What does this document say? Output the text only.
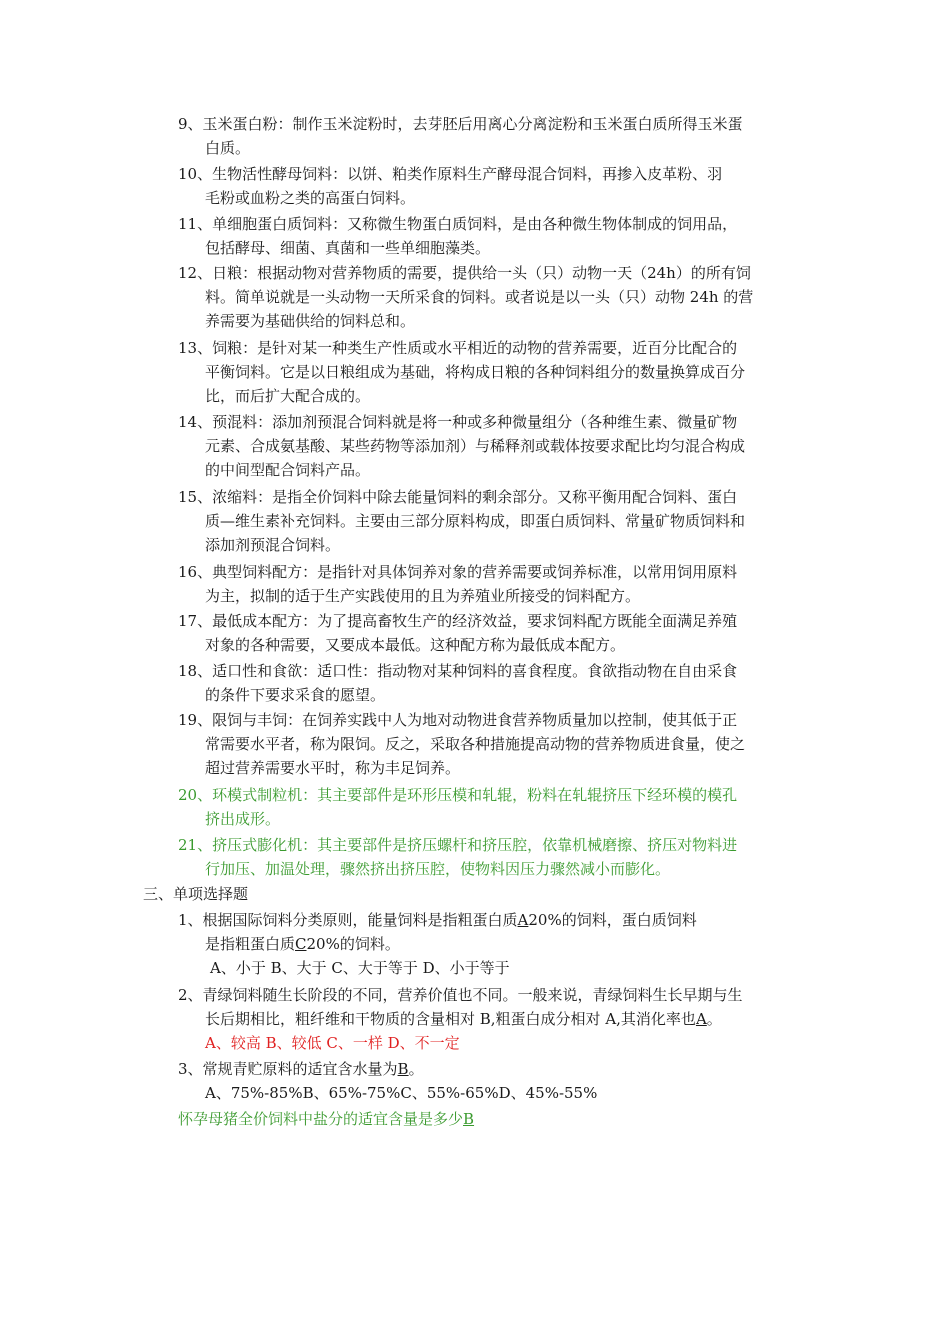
9、玉米蛋白粉：制作玉米淀粉时，去芽胚后用离心分离淀粉和玉米蛋白质所得玉米蛋
白质。
10、生物活性酵母饲料：以饼、粕类作原料生产酵母混合饲料，再掺入皮革粉、羽
毛粉或血粉之类的高蛋白饲料。
11、单细胞蛋白质饲料：又称微生物蛋白质饲料，是由各种微生物体制成的饲用品，
包括酵母、细菌、真菌和一些单细胞藻类。
12、日粮：根据动物对营养物质的需要，提供给一头（只）动物一天（24h）的所有饲
料。简单说就是一头动物一天所采食的饲料。或者说是以一头（只）动物 24h 的营
养需要为基础供给的饲料总和。
13、饲粮：是针对某一种类生产性质或水平相近的动物的营养需要，近百分比配合的
平衡饲料。它是以日粮组成为基础，将构成日粮的各种饲料组分的数量换算成百分
比，而后扩大配合成的。
14、预混料：添加剂预混合饲料就是将一种或多种微量组分（各种维生素、微量矿物
元素、合成氨基酸、某些药物等添加剂）与稀释剂或载体按要求配比均匀混合构成
的中间型配合饲料产品。
15、浓缩料：是指全价饲料中除去能量饲料的剩余部分。又称平衡用配合饲料、蛋白
质—维生素补充饲料。主要由三部分原料构成，即蛋白质饲料、常量矿物质饲料和
添加剂预混合饲料。
16、典型饲料配方：是指针对具体饲养对象的营养需要或饲养标准，以常用饲用原料
为主，拟制的适于生产实践使用的且为养殖业所接受的饲料配方。
17、最低成本配方：为了提高畜牧生产的经济效益，要求饲料配方既能全面满足养殖
对象的各种需要，又要成本最低。这种配方称为最低成本配方。
18、适口性和食欲：适口性：指动物对某种饲料的喜食程度。食欲指动物在自由采食
的条件下要求采食的愿望。
19、限饲与丰饲：在饲养实践中人为地对动物进食营养物质量加以控制，使其低于正
常需要水平者，称为限饲。反之，采取各种措施提高动物的营养物质进食量，使之
超过营养需要水平时，称为丰足饲养。
20、环模式制粒机：其主要部件是环形压模和轧辊，粉料在轧辊挤压下经环模的模孔
挤出成形。
21、挤压式膨化机：其主要部件是挤压螺杆和挤压腔，依靠机械磨擦、挤压对物料进
行加压、加温处理，骤然挤出挤压腔，使物料因压力骤然减小而膨化。
三、单项选择题
1、根据国际饲料分类原则，能量饲料是指粗蛋白质A20%的饲料，蛋白质饲料
是指粗蛋白质C20%的饲料。
A、小于 B、大于 C、大于等于 D、小于等于
2、青绿饲料随生长阶段的不同，营养价值也不同。一般来说，青绿饲料生长早期与生
长后期相比，粗纤维和干物质的含量相对 B,粗蛋白成分相对 A,其消化率也A。
A、较高 B、较低 C、一样 D、不一定
3、常规青贮原料的适宜含水量为B。
A、75%-85%B、65%-75%C、55%-65%D、45%-55%
怀孕母猪全价饲料中盐分的适宜含量是多少B
